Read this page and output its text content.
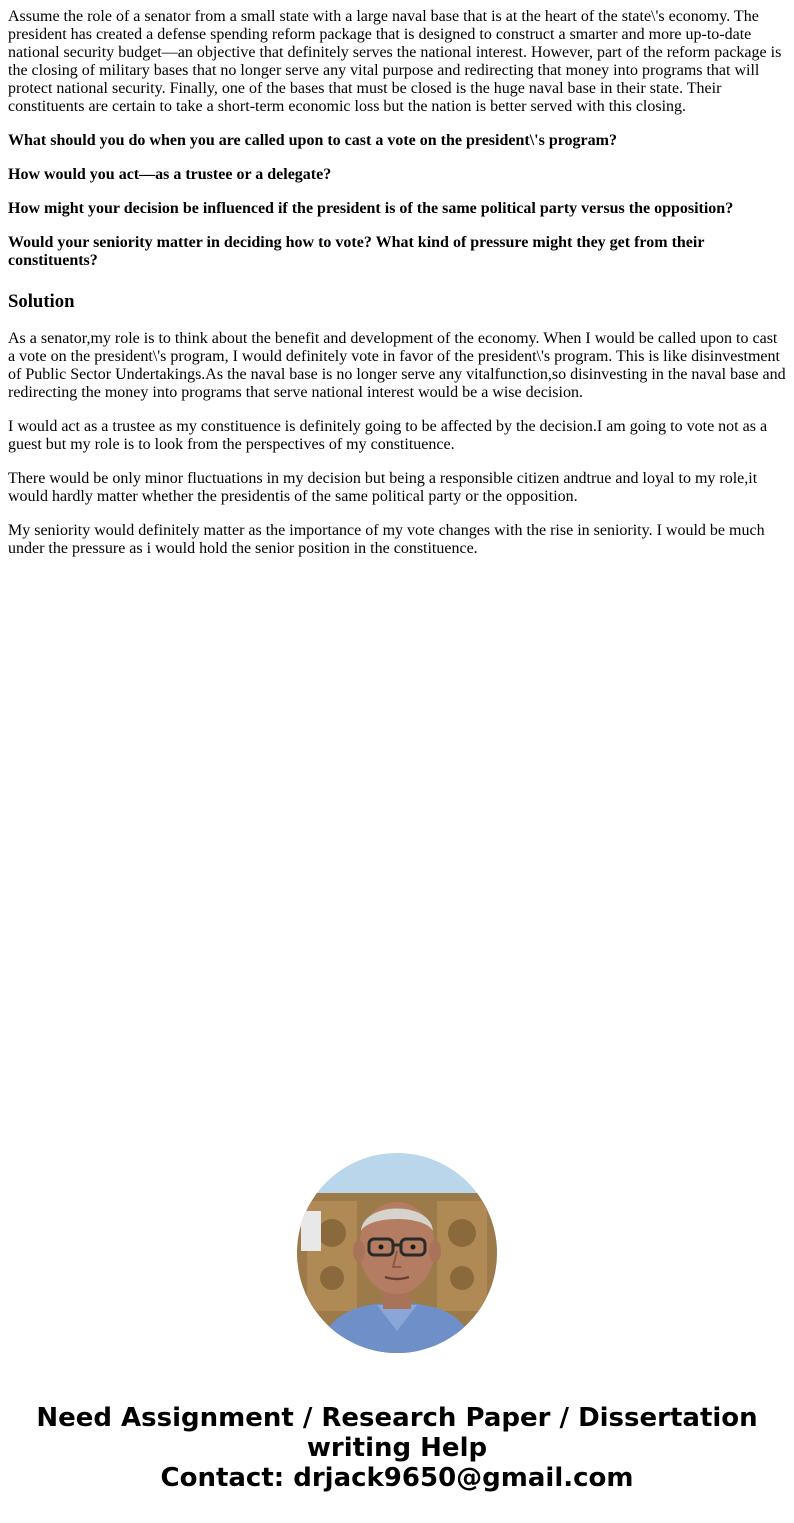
Assume the role of a senator from a small state with a large naval base that is at the heart of the state\'s economy. The president has created a defense spending reform package that is designed to construct a smarter and more up-to-date national security budget—an objective that definitely serves the national interest. However, part of the reform package is the closing of military bases that no longer serve any vital purpose and redirecting that money into programs that will protect national security. Finally, one of the bases that must be closed is the huge naval base in their state. Their constituents are certain to take a short-term economic loss but the nation is better served with this closing.

What should you do when you are called upon to cast a vote on the president\'s program?

How would you act—as a trustee or a delegate?

How might your decision be influenced if the president is of the same political party versus the opposition?

Would your seniority matter in deciding how to vote? What kind of pressure might they get from their constituents?

Solution

As a senator,my role is to think about the benefit and development of the economy. When I would be called upon to cast a vote on the president\'s program, I would definitely vote in favor of the president\'s program. This is like disinvestment of Public Sector Undertakings.As the naval base is no longer serve any vitalfunction,so disinvesting in the naval base and redirecting the money into programs that serve national interest would be a wise decision.

I would act as a trustee as my constituence is definitely going to be affected by the decision.I am going to vote not as a guest but my role is to look from the perspectives of my constituence.

There would be only minor fluctuations in my decision but being a responsible citizen andtrue and loyal to my role,it would hardly matter whether the presidentis of the same political party or the opposition.

My seniority would definitely matter as the importance of my vote changes with the rise in seniority. I would be much under the pressure as i would hold the senior position in the constituence.

Need Assignment / Research Paper / Dissertation
writing Help
Contact: drjack9650@gmail.com
